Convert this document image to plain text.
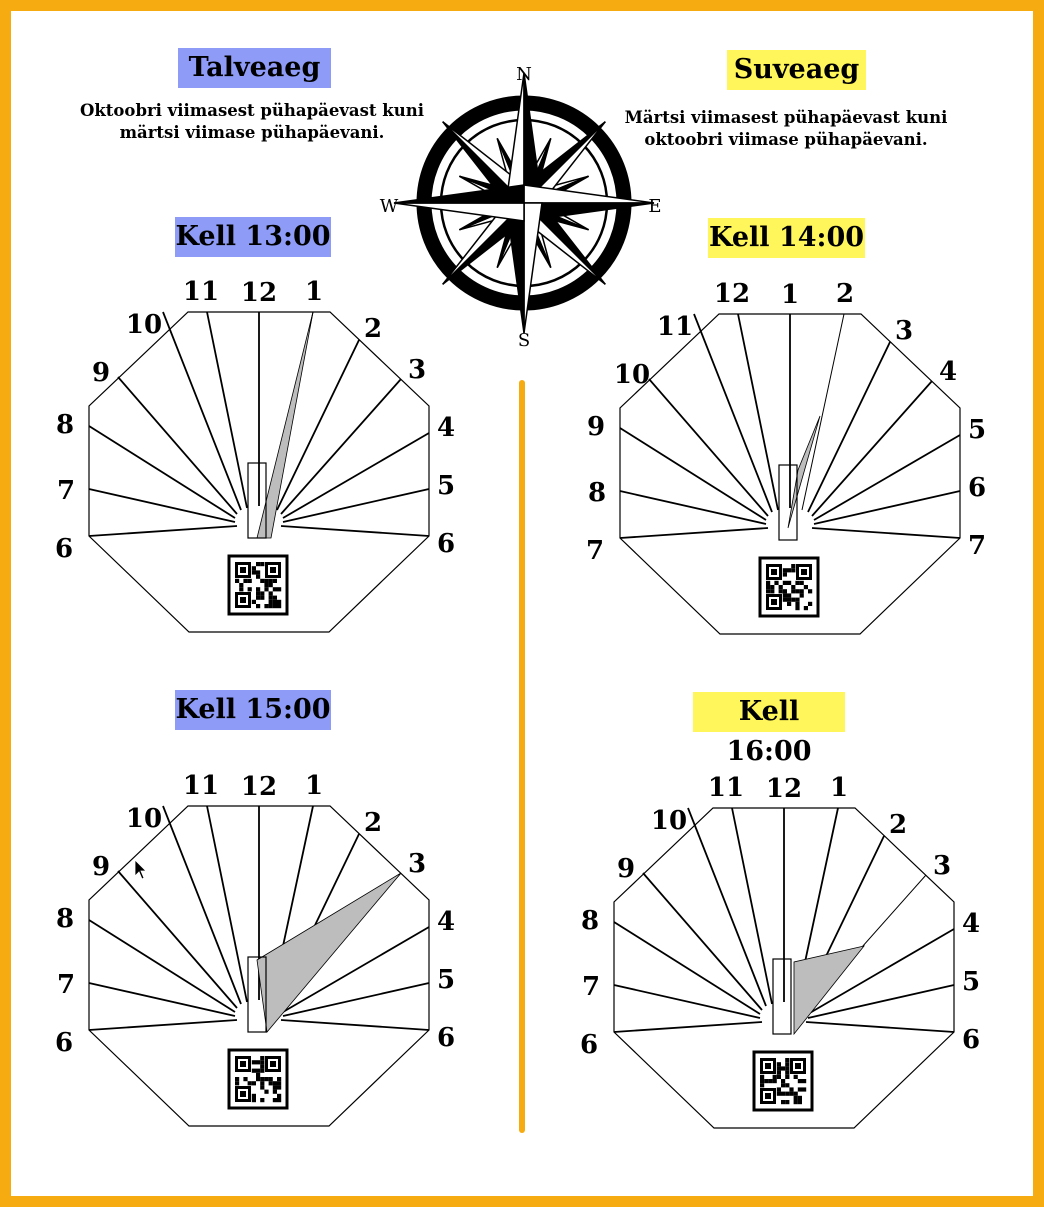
Talveaeg
Oktoobri viimasest pühapäevast kuni
märtsi viimase pühapäevani.
Suveaeg
Märtsi viimasest pühapäevast kuni
oktoobri viimase pühapäevani.
Kell 13:00	Kell 14:00
Kell 15:00	Kell 16:00
N
E
S
W
6
7
8
9
10
11 12 1
2
3
4
5
6	7
8
9
10
11
12 1 2
3
4
5
6
7
6
7
8
9
10
11 12 1
2
3
4
5
6	6
7
8
9
10
11 12 1
2
3
4
5
6
